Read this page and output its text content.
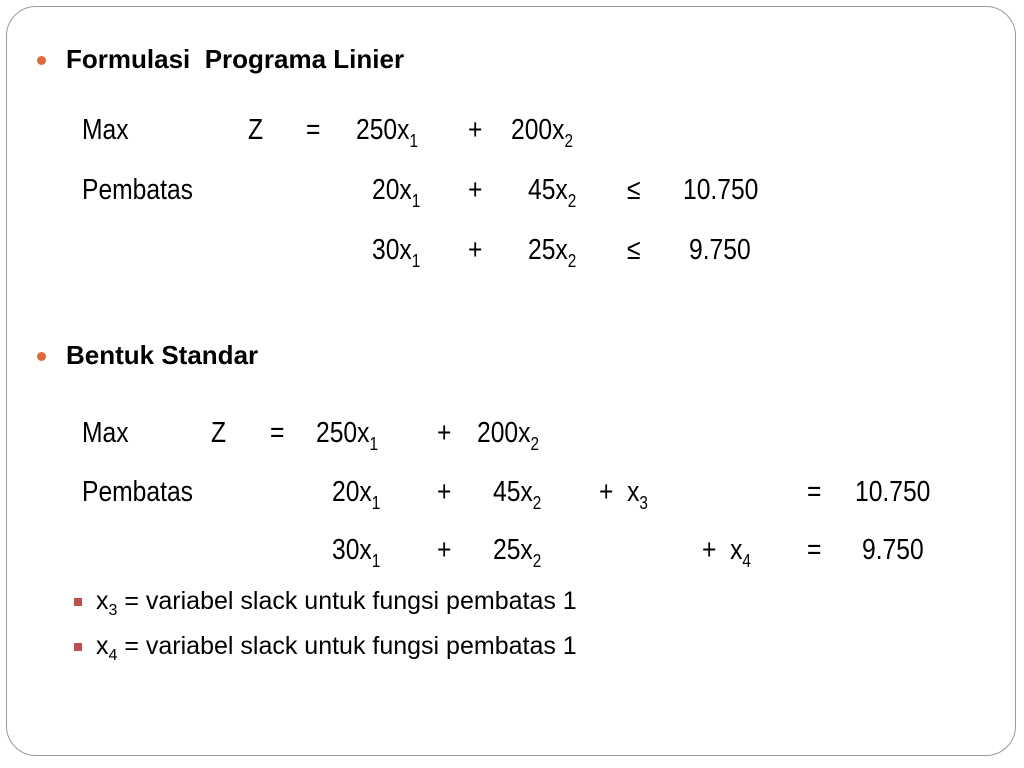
Formulasi  Programa Linier
Max	$Z = 250x_1 + 200x_2$
Pembatas	$20x_1 + 45x_2 \le 10.750$
$30x_1 + 25x_2 \le 9.750$
Bentuk Standar
Max	$Z = 250x_1 + 200x_2$
Pembatas	$20x_1 + 45x_2 + x_3$	= 10.750
$30x_1 + 25x_2$	+ $x_4 = 9.750$
$x_3$ = variabel slack untuk fungsi pembatas 1
$x_4$ = variabel slack untuk fungsi pembatas 1
